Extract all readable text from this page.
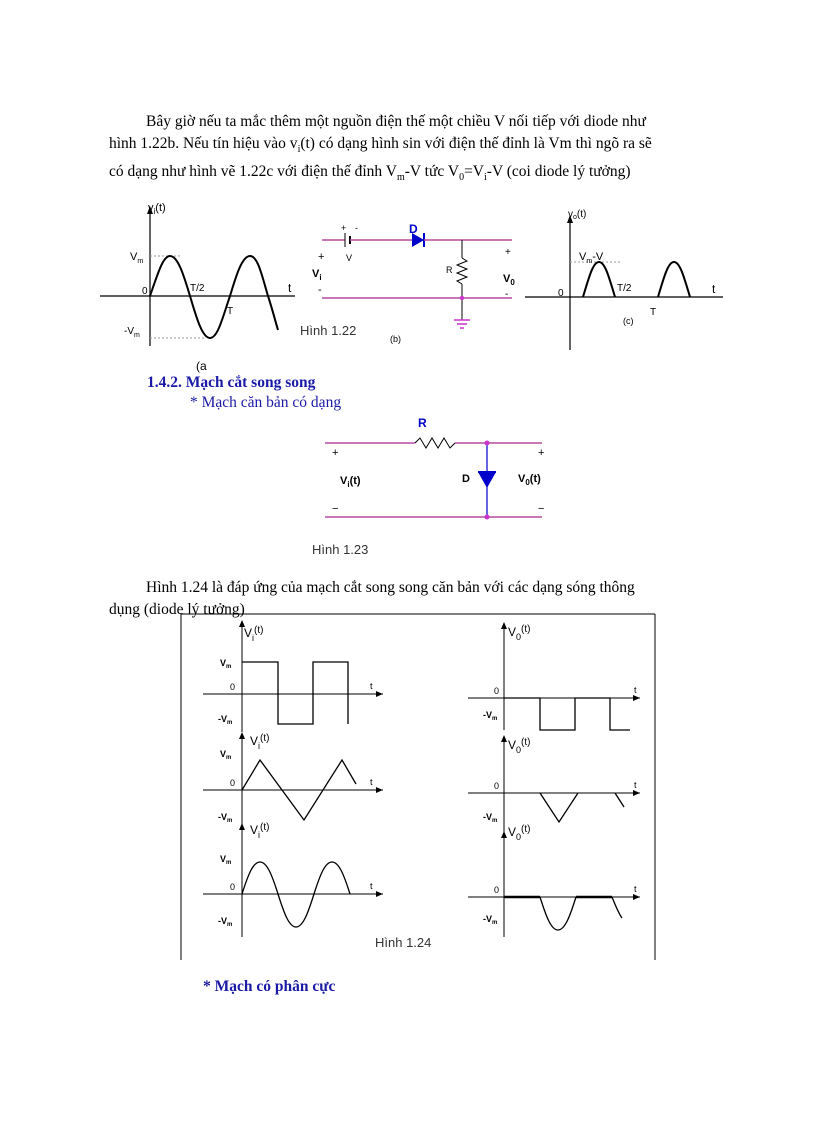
Bây giờ nếu ta mắc thêm một nguồn điện thế một chiều V nối tiếp với diode như
hình 1.22b. Nếu tín hiệu vào $v_i(t)$ có dạng hình sin với điện thế đỉnh là Vm thì ngõ ra sẽ
có dạng như hình vẽ 1.22c với điện thế đỉnh $V_m-V$ tức $V_0=V_i-V$ (coi diode lý tưởng)
$v_i(t)$
$V_m$
0	T/2	t
T
$-V_m$
(a
+
$V_i$
-
+ -
V
D
R
+
$V_0$
-
Hình 1.22
(b)
$v_o(t)$
$V_m-V$
0	T/2	t
T
(c)
1.4.2. Mạch cắt song song
* Mạch căn bản có dạng
R
D
+
−
+
−
$V_i(t)$	$V_0(t)$
Hình 1.23
Hình 1.24 là đáp ứng của mạch cắt song song căn bản với các dạng sóng thông
dụng (diode lý tưởng)
$V_i^{(t)}$
$V_m$
0	t
$-V_m$
$V_0^{(t)}$
0	t
$-V_m$
$V_i^{(t)}$
$V_m$
0	t
$-V_m$
$V_0^{(t)}$
0	t
$-V_m$
$V_i^{(t)}$
$V_m$
0	t
$-V_m$
$V_0^{(t)}$
0	t
$-V_m$
Hình 1.24
* Mạch có phân cực
